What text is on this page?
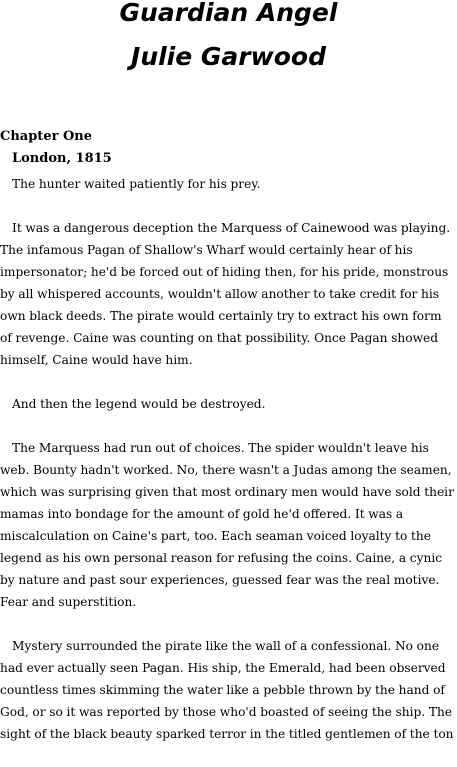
Guardian Angel
Julie Garwood
Chapter One
London, 1815

The hunter waited patiently for his prey.

It was a dangerous deception the Marquess of Cainewood was playing. The infamous Pagan of Shallow's Wharf would certainly hear of his impersonator; he'd be forced out of hiding then, for his pride, monstrous by all whispered accounts, wouldn't allow another to take credit for his own black deeds. The pirate would certainly try to extract his own form of revenge. Caine was counting on that possibility. Once Pagan showed himself, Caine would have him.

And then the legend would be destroyed.

The Marquess had run out of choices. The spider wouldn't leave his web. Bounty hadn't worked. No, there wasn't a Judas among the seamen, which was surprising given that most ordinary men would have sold their mamas into bondage for the amount of gold he'd offered. It was a miscalculation on Caine's part, too. Each seaman voiced loyalty to the legend as his own personal reason for refusing the coins. Caine, a cynic by nature and past sour experiences, guessed fear was the real motive. Fear and superstition.

Mystery surrounded the pirate like the wall of a confessional. No one had ever actually seen Pagan. His ship, the Emerald, had been observed countless times skimming the water like a pebble thrown by the hand of God, or so it was reported by those who'd boasted of seeing the ship. The sight of the black beauty sparked terror in the titled gentlemen of the ton
